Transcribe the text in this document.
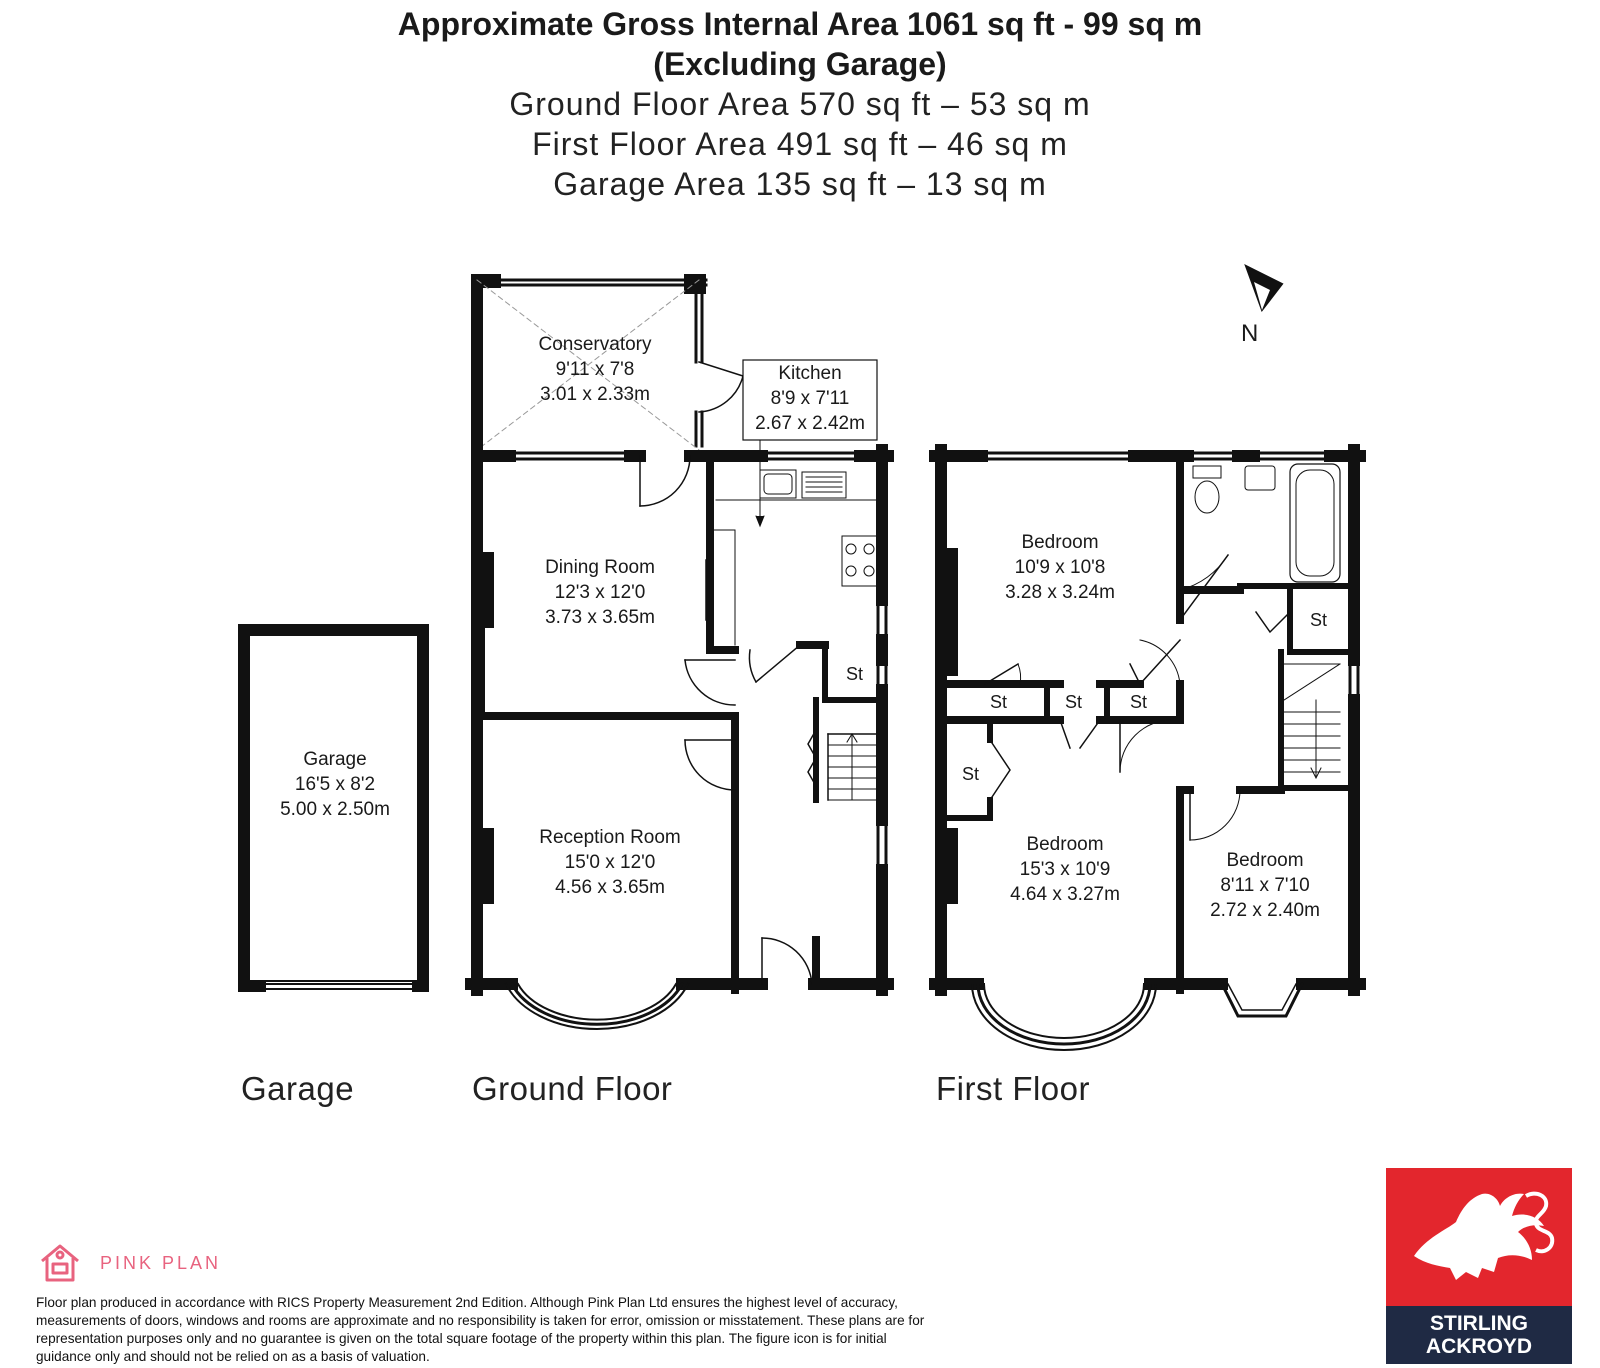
Approximate Gross Internal Area 1061 sq ft - 99 sq m
(Excluding Garage)
Ground Floor Area 570 sq ft – 53 sq m
First Floor Area 491 sq ft – 46 sq m
Garage Area 135 sq ft – 13 sq m
Conservatory
9'11 x 7'8
3.01 x 2.33m
Kitchen
8'9 x 7'11
2.67 x 2.42m
Dining Room
12'3 x 12'0
3.73 x 3.65m
Reception Room
15'0 x 12'0
4.56 x 3.65m
Garage
16'5 x 8'2
5.00 x 2.50m
Bedroom
10'9 x 10'8
3.28 x 3.24m
Bedroom
15'3 x 10'9
4.64 x 3.27m
Bedroom
8'11 x 7'10
2.72 x 2.40m
St
St	St	St
St
St
N
Garage	Ground Floor	First Floor
PINK PLAN
Floor plan produced in accordance with RICS Property Measurement 2nd Edition. Although Pink Plan Ltd ensures the highest level of accuracy, measurements of doors, windows and rooms are approximate and no responsibility is taken for error, omission or misstatement. These plans are for representation purposes only and no guarantee is given on the total square footage of the property within this plan. The figure icon is for initial guidance only and should not be relied on as a basis of valuation.
STIRLING
ACKROYD
